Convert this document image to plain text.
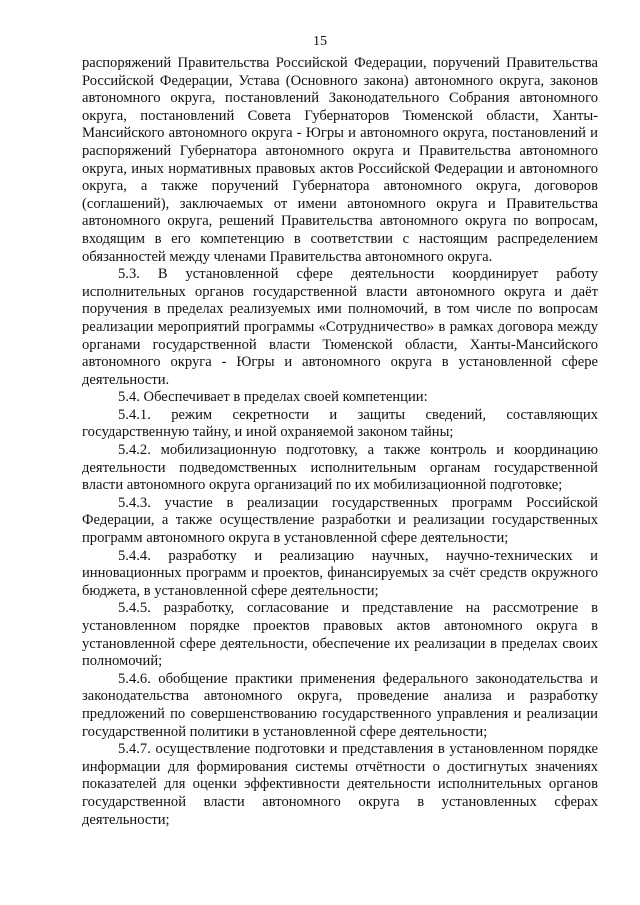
15

распоряжений Правительства Российской Федерации, поручений Правительства Российской Федерации, Устава (Основного закона) автономного округа, законов автономного округа, постановлений Законодательного Собрания автономного округа, постановлений Совета Губернаторов Тюменской области, Ханты-Мансийского автономного округа - Югры и автономного округа, постановлений и распоряжений Губернатора автономного округа и Правительства автономного округа, иных нормативных правовых актов Российской Федерации и автономного округа, а также поручений Губернатора автономного округа, договоров (соглашений), заключаемых от имени автономного округа и Правительства автономного округа, решений Правительства автономного округа по вопросам, входящим в его компетенцию в соответствии с настоящим распределением обязанностей между членами Правительства автономного округа.

5.3. В установленной сфере деятельности координирует работу исполнительных органов государственной власти автономного округа и даёт поручения в пределах реализуемых ими полномочий, в том числе по вопросам реализации мероприятий программы «Сотрудничество» в рамках договора между органами государственной власти Тюменской области, Ханты-Мансийского автономного округа - Югры и автономного округа в установленной сфере деятельности.

5.4. Обеспечивает в пределах своей компетенции:

5.4.1. режим секретности и защиты сведений, составляющих государственную тайну, и иной охраняемой законом тайны;

5.4.2. мобилизационную подготовку, а также контроль и координацию деятельности подведомственных исполнительным органам государственной власти автономного округа организаций по их мобилизационной подготовке;

5.4.3. участие в реализации государственных программ Российской Федерации, а также осуществление разработки и реализации государственных программ автономного округа в установленной сфере деятельности;

5.4.4. разработку и реализацию научных, научно-технических и инновационных программ и проектов, финансируемых за счёт средств окружного бюджета, в установленной сфере деятельности;

5.4.5. разработку, согласование и представление на рассмотрение в установленном порядке проектов правовых актов автономного округа в установленной сфере деятельности, обеспечение их реализации в пределах своих полномочий;

5.4.6. обобщение практики применения федерального законодательства и законодательства автономного округа, проведение анализа и разработку предложений по совершенствованию государственного управления и реализации государственной политики в установленной сфере деятельности;

5.4.7. осуществление подготовки и представления в установленном порядке информации для формирования системы отчётности о достигнутых значениях показателей для оценки эффективности деятельности исполнительных органов государственной власти автономного округа в установленных сферах деятельности;
